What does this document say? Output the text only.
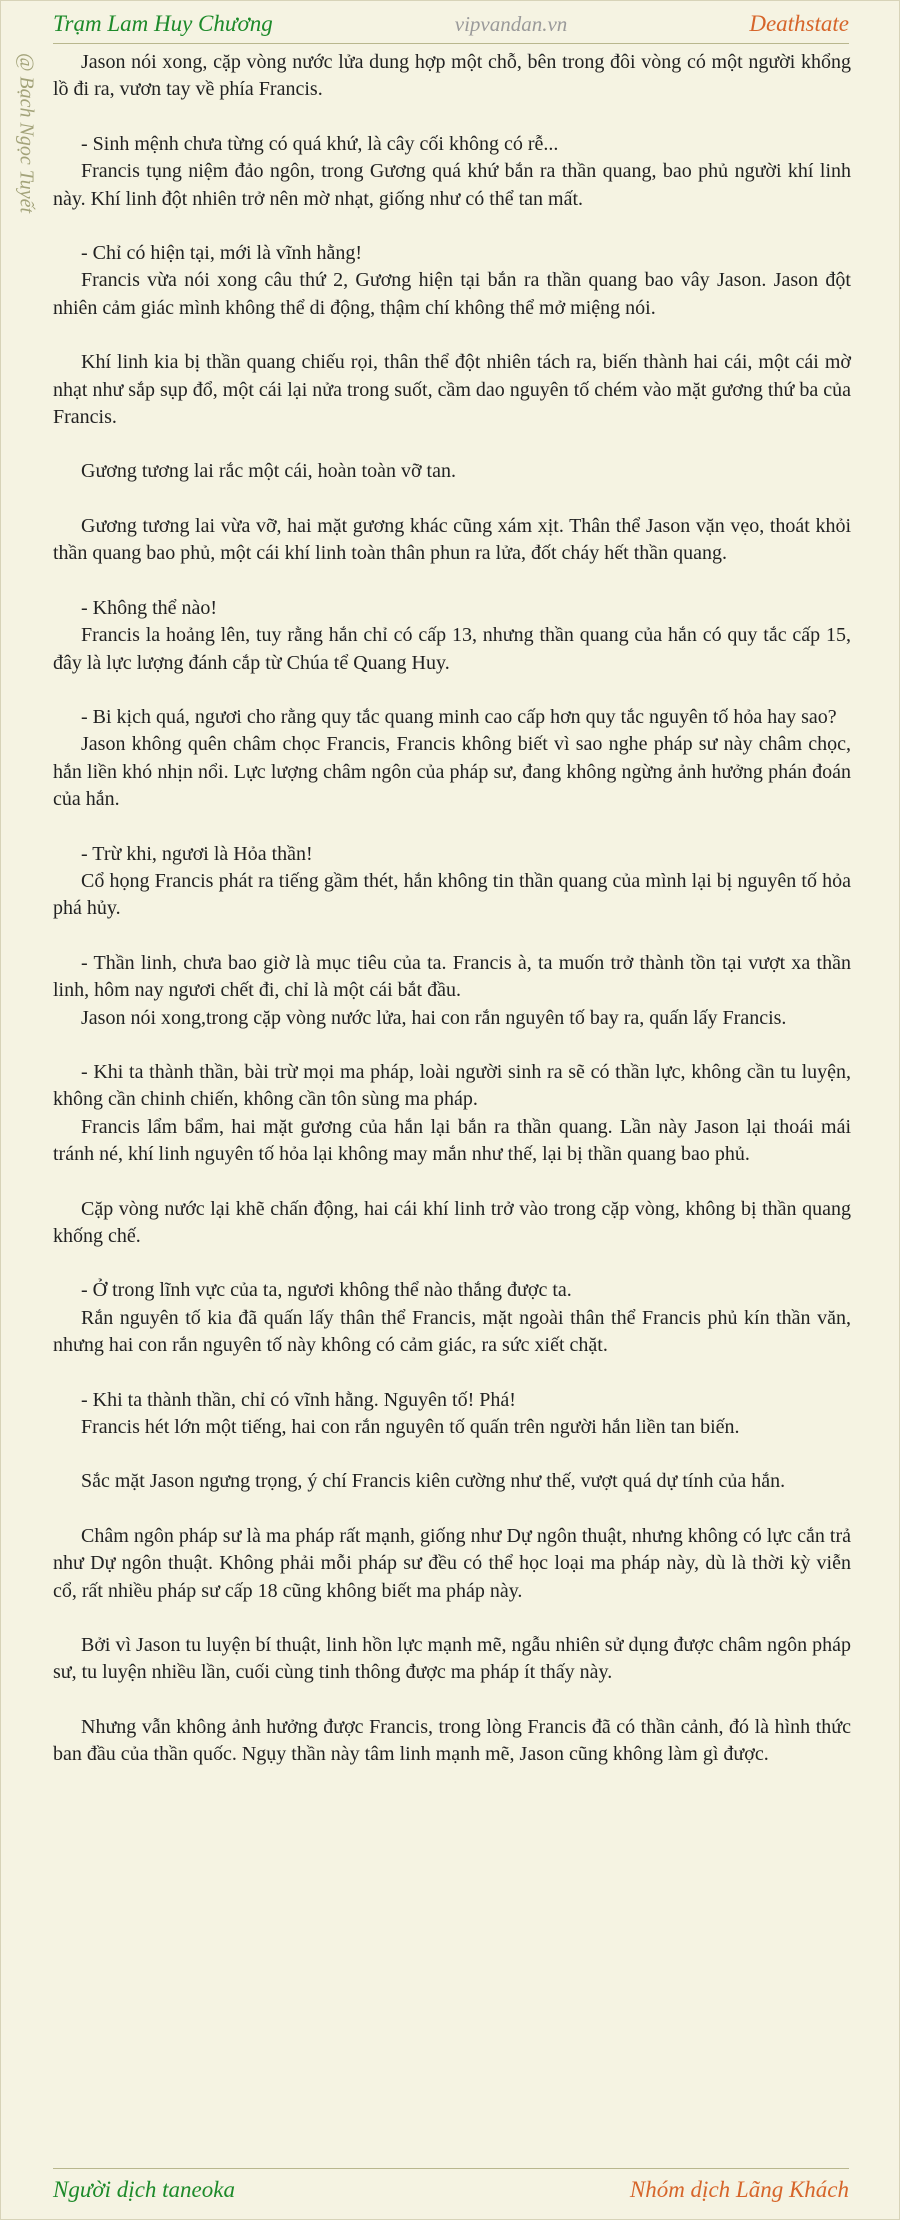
Trạm Lam Huy Chương	vipvandan.vn	Deathstate
@ Bạch Ngọc Tuyết	Jason nói xong, cặp vòng nước lửa dung hợp một chỗ, bên trong đôi vòng có một người khổng lồ đi ra, vươn tay về phía Francis.

- Sinh mệnh chưa từng có quá khứ, là cây cối không có rễ...

Francis tụng niệm đảo ngôn, trong Gương quá khứ bắn ra thần quang, bao phủ người khí linh này. Khí linh đột nhiên trở nên mờ nhạt, giống như có thể tan mất.

- Chỉ có hiện tại, mới là vĩnh hằng!

Francis vừa nói xong câu thứ 2, Gương hiện tại bắn ra thần quang bao vây Jason. Jason đột nhiên cảm giác mình không thể di động, thậm chí không thể mở miệng nói.

Khí linh kia bị thần quang chiếu rọi, thân thể đột nhiên tách ra, biến thành hai cái, một cái mờ nhạt như sắp sụp đổ, một cái lại nửa trong suốt, cầm dao nguyên tố chém vào mặt gương thứ ba của Francis.

Gương tương lai rắc một cái, hoàn toàn vỡ tan.

Gương tương lai vừa vỡ, hai mặt gương khác cũng xám xịt. Thân thể Jason vặn vẹo, thoát khỏi thần quang bao phủ, một cái khí linh toàn thân phun ra lửa, đốt cháy hết thần quang.

- Không thể nào!

Francis la hoảng lên, tuy rằng hắn chỉ có cấp 13, nhưng thần quang của hắn có quy tắc cấp 15, đây là lực lượng đánh cắp từ Chúa tể Quang Huy.

- Bi kịch quá, ngươi cho rằng quy tắc quang minh cao cấp hơn quy tắc nguyên tố hỏa hay sao?

Jason không quên châm chọc Francis, Francis không biết vì sao nghe pháp sư này châm chọc, hắn liền khó nhịn nổi. Lực lượng châm ngôn của pháp sư, đang không ngừng ảnh hưởng phán đoán của hắn.

- Trừ khi, ngươi là Hỏa thần!

Cổ họng Francis phát ra tiếng gầm thét, hắn không tin thần quang của mình lại bị nguyên tố hỏa phá hủy.

- Thần linh, chưa bao giờ là mục tiêu của ta. Francis à, ta muốn trở thành tồn tại vượt xa thần linh, hôm nay ngươi chết đi, chỉ là một cái bắt đầu.

Jason nói xong,trong cặp vòng nước lửa, hai con rắn nguyên tố bay ra, quấn lấy Francis.

- Khi ta thành thần, bài trừ mọi ma pháp, loài người sinh ra sẽ có thần lực, không cần tu luyện, không cần chinh chiến, không cần tôn sùng ma pháp.

Francis lẩm bẩm, hai mặt gương của hắn lại bắn ra thần quang. Lần này Jason lại thoái mái tránh né, khí linh nguyên tố hỏa lại không may mắn như thế, lại bị thần quang bao phủ.

Cặp vòng nước lại khẽ chấn động, hai cái khí linh trở vào trong cặp vòng, không bị thần quang khống chế.

- Ở trong lĩnh vực của ta, ngươi không thể nào thắng được ta.

Rắn nguyên tố kia đã quấn lấy thân thể Francis, mặt ngoài thân thể Francis phủ kín thần văn, nhưng hai con rắn nguyên tố này không có cảm giác, ra sức xiết chặt.

- Khi ta thành thần, chỉ có vĩnh hằng. Nguyên tố! Phá!

Francis hét lớn một tiếng, hai con rắn nguyên tố quấn trên người hắn liền tan biến.

Sắc mặt Jason ngưng trọng, ý chí Francis kiên cường như thế, vượt quá dự tính của hắn.

Châm ngôn pháp sư là ma pháp rất mạnh, giống như Dự ngôn thuật, nhưng không có lực cắn trả như Dự ngôn thuật. Không phải mỗi pháp sư đều có thể học loại ma pháp này, dù là thời kỳ viễn cổ, rất nhiều pháp sư cấp 18 cũng không biết ma pháp này.

Bởi vì Jason tu luyện bí thuật, linh hồn lực mạnh mẽ, ngẫu nhiên sử dụng được châm ngôn pháp sư, tu luyện nhiều lần, cuối cùng tinh thông được ma pháp ít thấy này.

Nhưng vẫn không ảnh hưởng được Francis, trong lòng Francis đã có thần cảnh, đó là hình thức ban đầu của thần quốc. Ngụy thần này tâm linh mạnh mẽ, Jason cũng không làm gì được.

Người dịch taneoka	Nhóm dịch Lãng Khách
